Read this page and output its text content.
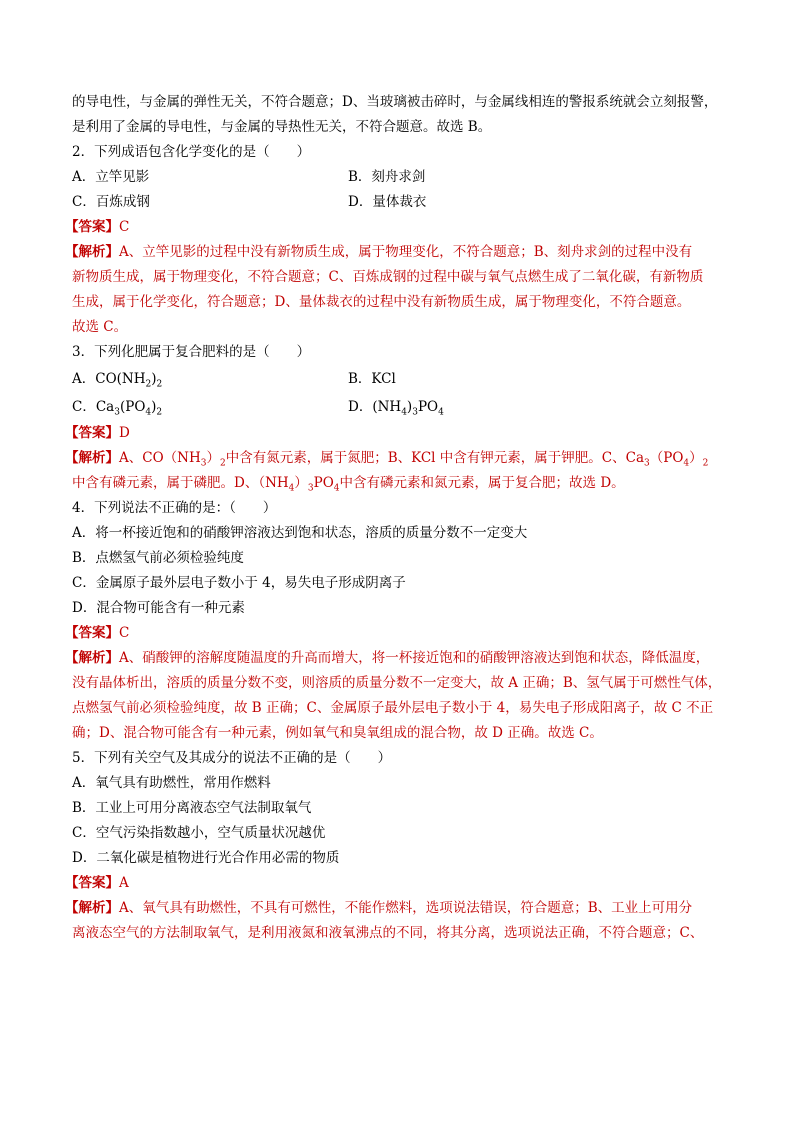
的导电性，与金属的弹性无关，不符合题意；D、当玻璃被击碎时，与金属线相连的警报系统就会立刻报警，
是利用了金属的导电性，与金属的导热性无关，不符合题意。故选 B。
2．下列成语包含化学变化的是（　　）
A．立竿见影	B．刻舟求剑
C．百炼成钢	D．量体裁衣
【答案】C
【解析】A、立竿见影的过程中没有新物质生成，属于物理变化，不符合题意；B、刻舟求剑的过程中没有
新物质生成，属于物理变化，不符合题意；C、百炼成钢的过程中碳与氧气点燃生成了二氧化碳，有新物质
生成，属于化学变化，符合题意；D、量体裁衣的过程中没有新物质生成，属于物理变化，不符合题意。
故选 C。
3．下列化肥属于复合肥料的是（　　）
A．$CO(NH_2)_2$	B．KCl
C．$Ca_3(PO_4)_2$	D．$(NH_4)_3PO_4$
【答案】D
【解析】A、$CO(NH_3)_2$中含有氮元素，属于氮肥；B、KCl 中含有钾元素，属于钾肥。C、$Ca_3(PO_4)_2$
中含有磷元素，属于磷肥。D、$(NH_4)_3PO_4$中含有磷元素和氮元素，属于复合肥；故选 D。
4．下列说法不正确的是：（　　）
A．将一杯接近饱和的硝酸钾溶液达到饱和状态，溶质的质量分数不一定变大
B．点燃氢气前必须检验纯度
C．金属原子最外层电子数小于 4，易失电子形成阴离子
D．混合物可能含有一种元素
【答案】C
【解析】A、硝酸钾的溶解度随温度的升高而增大，将一杯接近饱和的硝酸钾溶液达到饱和状态，降低温度，
没有晶体析出，溶质的质量分数不变，则溶质的质量分数不一定变大，故 A 正确；B、氢气属于可燃性气体，
点燃氢气前必须检验纯度，故 B 正确；C、金属原子最外层电子数小于 4，易失电子形成阳离子，故 C 不正
确；D、混合物可能含有一种元素，例如氧气和臭氧组成的混合物，故 D 正确。故选 C。
5．下列有关空气及其成分的说法不正确的是（　　）
A．氧气具有助燃性，常用作燃料
B．工业上可用分离液态空气法制取氧气
C．空气污染指数越小，空气质量状况越优
D．二氧化碳是植物进行光合作用必需的物质
【答案】A
【解析】A、氧气具有助燃性，不具有可燃性，不能作燃料，选项说法错误，符合题意；B、工业上可用分
离液态空气的方法制取氧气，是利用液氮和液氧沸点的不同，将其分离，选项说法正确，不符合题意；C、
